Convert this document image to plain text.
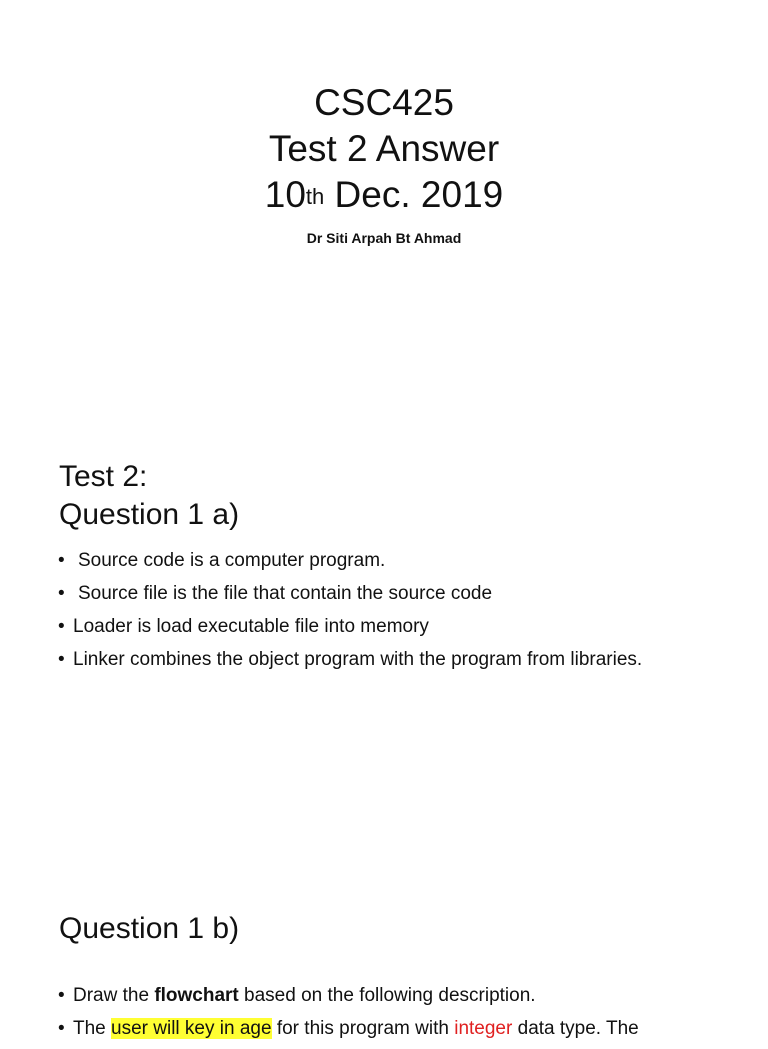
CSC425
Test 2 Answer
10th Dec. 2019
Dr Siti Arpah Bt Ahmad
Test 2:
Question 1 a)
• Source code is a computer program.
• Source file is the file that contain the source code
• Loader is load executable file into memory
• Linker combines the object program with the program from libraries.
Question 1 b)
• Draw the flowchart based on the following description.
• The user will key in age for this program with integer data type. The
